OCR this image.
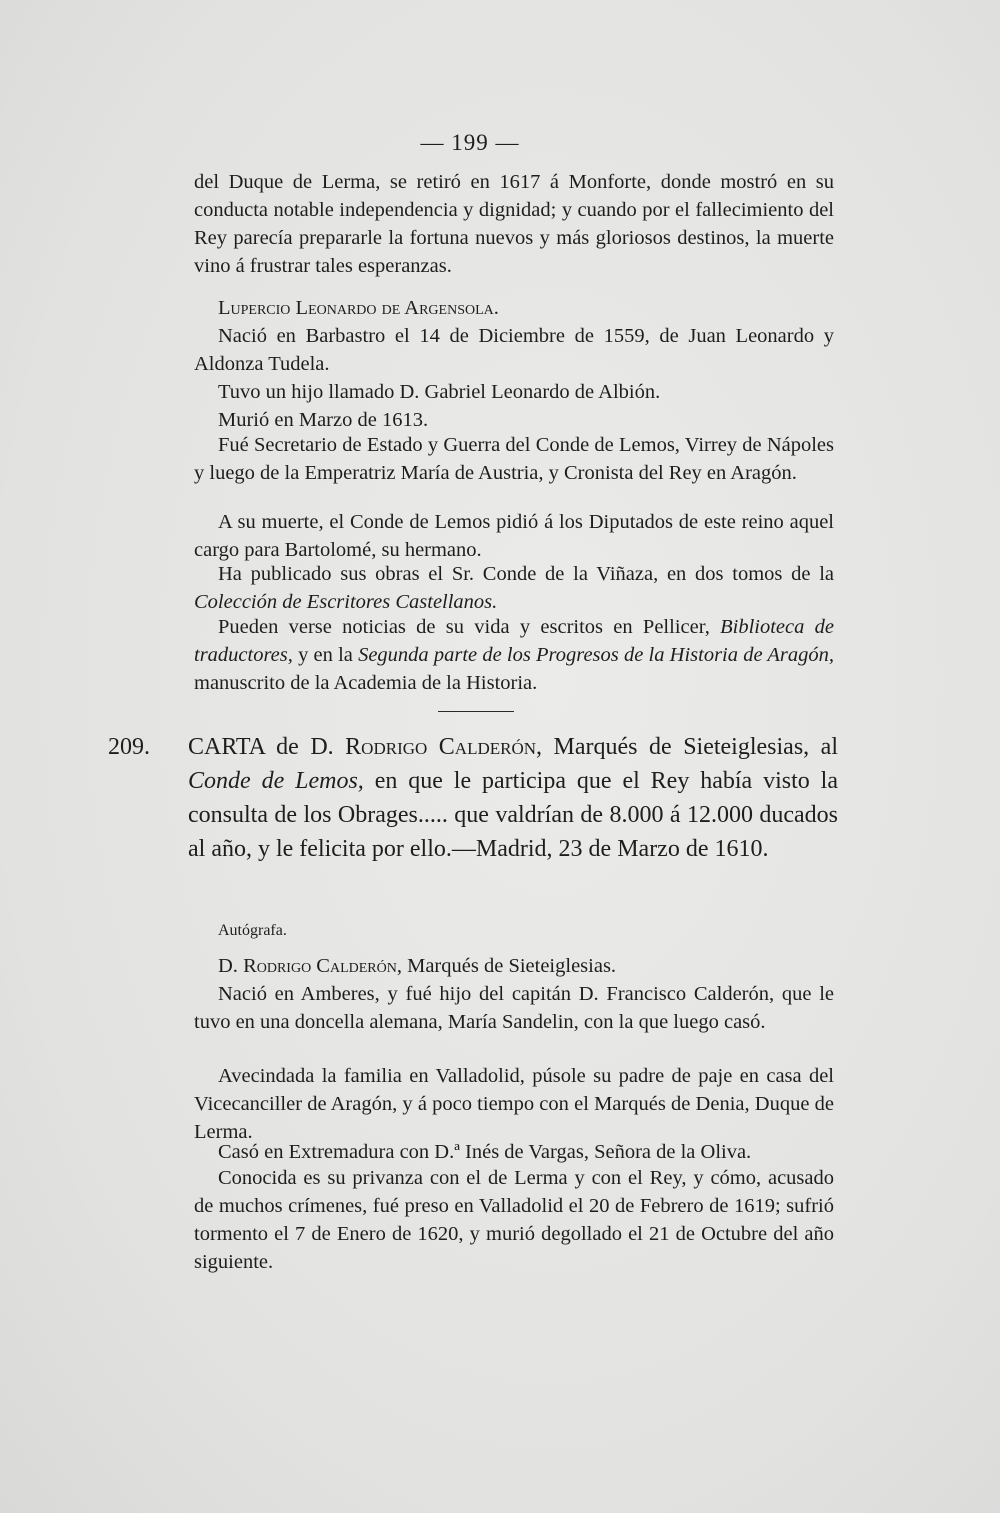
— 199 —

del Duque de Lerma, se retiró en 1617 á Monforte, donde mostró en su conducta notable independencia y dignidad; y cuando por el fallecimiento del Rey parecía prepararle la fortuna nuevos y más gloriosos destinos, la muerte vino á frustrar tales esperanzas.

Lupercio Leonardo de Argensola.

Nació en Barbastro el 14 de Diciembre de 1559, de Juan Leonardo y Aldonza Tudela.

Tuvo un hijo llamado D. Gabriel Leonardo de Albión.

Murió en Marzo de 1613.

Fué Secretario de Estado y Guerra del Conde de Lemos, Virrey de Nápoles y luego de la Emperatriz María de Austria, y Cronista del Rey en Aragón.

A su muerte, el Conde de Lemos pidió á los Diputados de este reino aquel cargo para Bartolomé, su hermano.

Ha publicado sus obras el Sr. Conde de la Viñaza, en dos tomos de la Colección de Escritores Castellanos.

Pueden verse noticias de su vida y escritos en Pellicer, Biblioteca de traductores, y en la Segunda parte de los Progresos de la Historia de Aragón, manuscrito de la Academia de la Historia.

209.	CARTA de D. Rodrigo Calderón, Marqués de Sieteiglesias, al Conde de Lemos, en que le participa que el Rey había visto la consulta de los Obrages..... que valdrían de 8.000 á 12.000 ducados al año, y le felicita por ello.—Madrid, 23 de Marzo de 1610.
Autógrafa.

D. Rodrigo Calderón, Marqués de Sieteiglesias.

Nació en Amberes, y fué hijo del capitán D. Francisco Calderón, que le tuvo en una doncella alemana, María Sandelin, con la que luego casó.

Avecindada la familia en Valladolid, púsole su padre de paje en casa del Vicecanciller de Aragón, y á poco tiempo con el Marqués de Denia, Duque de Lerma.

Casó en Extremadura con D.ª Inés de Vargas, Señora de la Oliva.

Conocida es su privanza con el de Lerma y con el Rey, y cómo, acusado de muchos crímenes, fué preso en Valladolid el 20 de Febrero de 1619; sufrió tormento el 7 de Enero de 1620, y murió degollado el 21 de Octubre del año siguiente.
